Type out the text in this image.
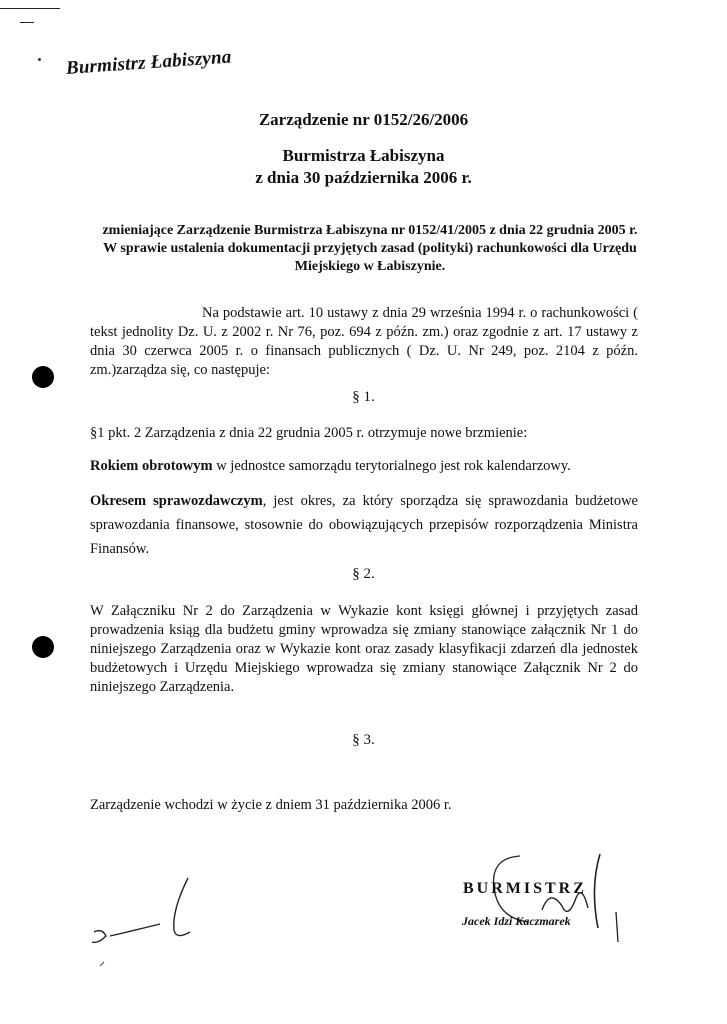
Burmistrz Łabiszyna
Zarządzenie nr 0152/26/2006
Burmistrza Łabiszyna
z dnia 30 października 2006 r.
zmieniające Zarządzenie Burmistrza Łabiszyna nr 0152/41/2005 z dnia 22 grudnia 2005 r. W sprawie ustalenia dokumentacji przyjętych zasad (polityki) rachunkowości dla Urzędu Miejskiego w Łabiszynie.
Na podstawie art. 10 ustawy z dnia 29 września 1994 r. o rachunkowości ( tekst jednolity Dz. U. z 2002 r. Nr 76, poz. 694 z późn. zm.) oraz zgodnie z art. 17 ustawy z dnia 30 czerwca 2005 r. o finansach publicznych ( Dz. U. Nr 249, poz. 2104 z późn. zm.)zarządza się, co następuje:
§ 1.
§1 pkt. 2 Zarządzenia z dnia 22 grudnia 2005 r. otrzymuje nowe brzmienie:
Rokiem obrotowym w jednostce samorządu terytorialnego jest rok kalendarzowy.
Okresem sprawozdawczym, jest okres, za który sporządza się sprawozdania budżetowe sprawozdania finansowe, stosownie do obowiązujących przepisów rozporządzenia Ministra Finansów.
§ 2.
W Załączniku Nr 2 do Zarządzenia w Wykazie kont księgi głównej i przyjętych zasad prowadzenia ksiąg dla budżetu gminy wprowadza się zmiany stanowiące załącznik Nr 1 do niniejszego Zarządzenia oraz w Wykazie kont oraz zasady klasyfikacji zdarzeń dla jednostek budżetowych i Urzędu Miejskiego wprowadza się zmiany stanowiące Załącznik Nr 2 do niniejszego Zarządzenia.
§ 3.
Zarządzenie wchodzi w życie z dniem 31 października 2006 r.
BURMISTRZ
Jacek Idzi Kaczmarek
